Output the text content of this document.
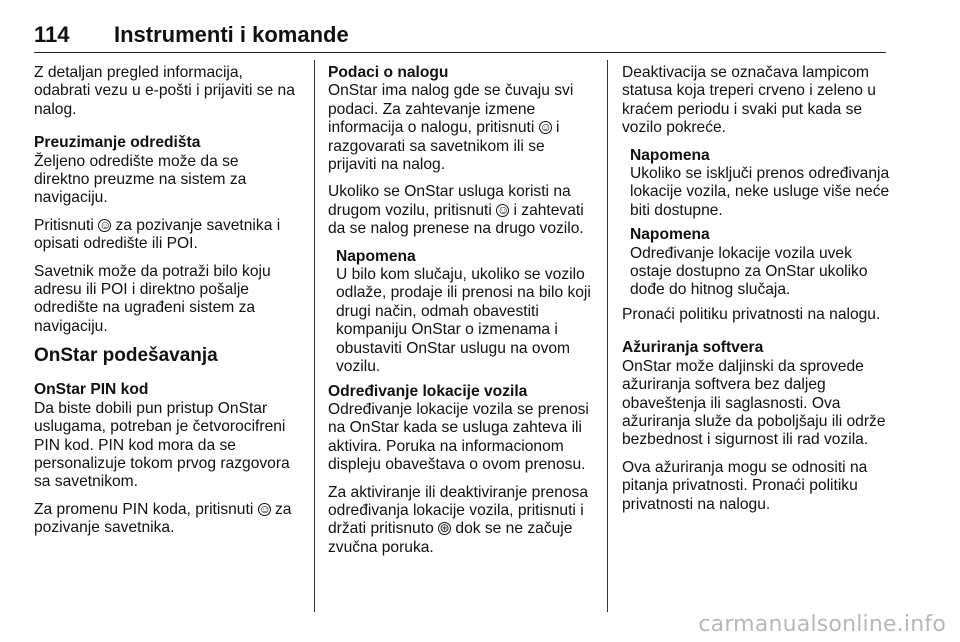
114 Instrumenti i komande

Z detaljan pregled informacija, odabrati vezu u e-pošti i prijaviti se na nalog.

Preuzimanje odredišta

Željeno odredište može da se direktno preuzme na sistem za navigaciju.

Pritisnuti ☺ za pozivanje savetnika i opisati odredište ili POI.

Savetnik može da potraži bilo koju adresu ili POI i direktno pošalje odredište na ugrađeni sistem za navigaciju.

OnStar podešavanja
OnStar PIN kod

Da biste dobili pun pristup OnStar uslugama, potreban je četvorocifreni PIN kod. PIN kod mora da se personalizuje tokom prvog razgovora sa savetnikom.

Za promenu PIN koda, pritisnuti ☺ za pozivanje savetnika.

Podaci o nalogu

OnStar ima nalog gde se čuvaju svi podaci. Za zahtevanje izmene informacija o nalogu, pritisnuti ☺ i razgovarati sa savetnikom ili se prijaviti na nalog.

Ukoliko se OnStar usluga koristi na drugom vozilu, pritisnuti ☺ i zahtevati da se nalog prenese na drugo vozilo.

Napomena
U bilo kom slučaju, ukoliko se vozilo odlaže, prodaje ili prenosi na bilo koji drugi način, odmah obavestiti kompaniju OnStar o izmenama i obustaviti OnStar uslugu na ovom vozilu.
Određivanje lokacije vozila

Određivanje lokacije vozila se prenosi na OnStar kada se usluga zahteva ili aktivira. Poruka na informacionom displeju obaveštava o ovom prenosu.

Za aktiviranje ili deaktiviranje prenosa određivanja lokacije vozila, pritisnuti i držati pritisnuto ⊛ dok se ne začuje zvučna poruka.

Deaktivacija se označava lampicom statusa koja treperi crveno i zeleno u kraćem periodu i svaki put kada se vozilo pokreće.

Napomena
Ukoliko se isključi prenos određivanja lokacije vozila, neke usluge više neće biti dostupne.
Napomena
Određivanje lokacije vozila uvek ostaje dostupno za OnStar ukoliko dođe do hitnog slučaja.

Pronaći politiku privatnosti na nalogu.

Ažuriranja softvera

OnStar može daljinski da sprovede ažuriranja softvera bez daljeg obaveštenja ili saglasnosti. Ova ažuriranja služe da poboljšaju ili održe bezbednost i sigurnost ili rad vozila.

Ova ažuriranja mogu se odnositi na pitanja privatnosti. Pronaći politiku privatnosti na nalogu.

carmanualsonline.info
